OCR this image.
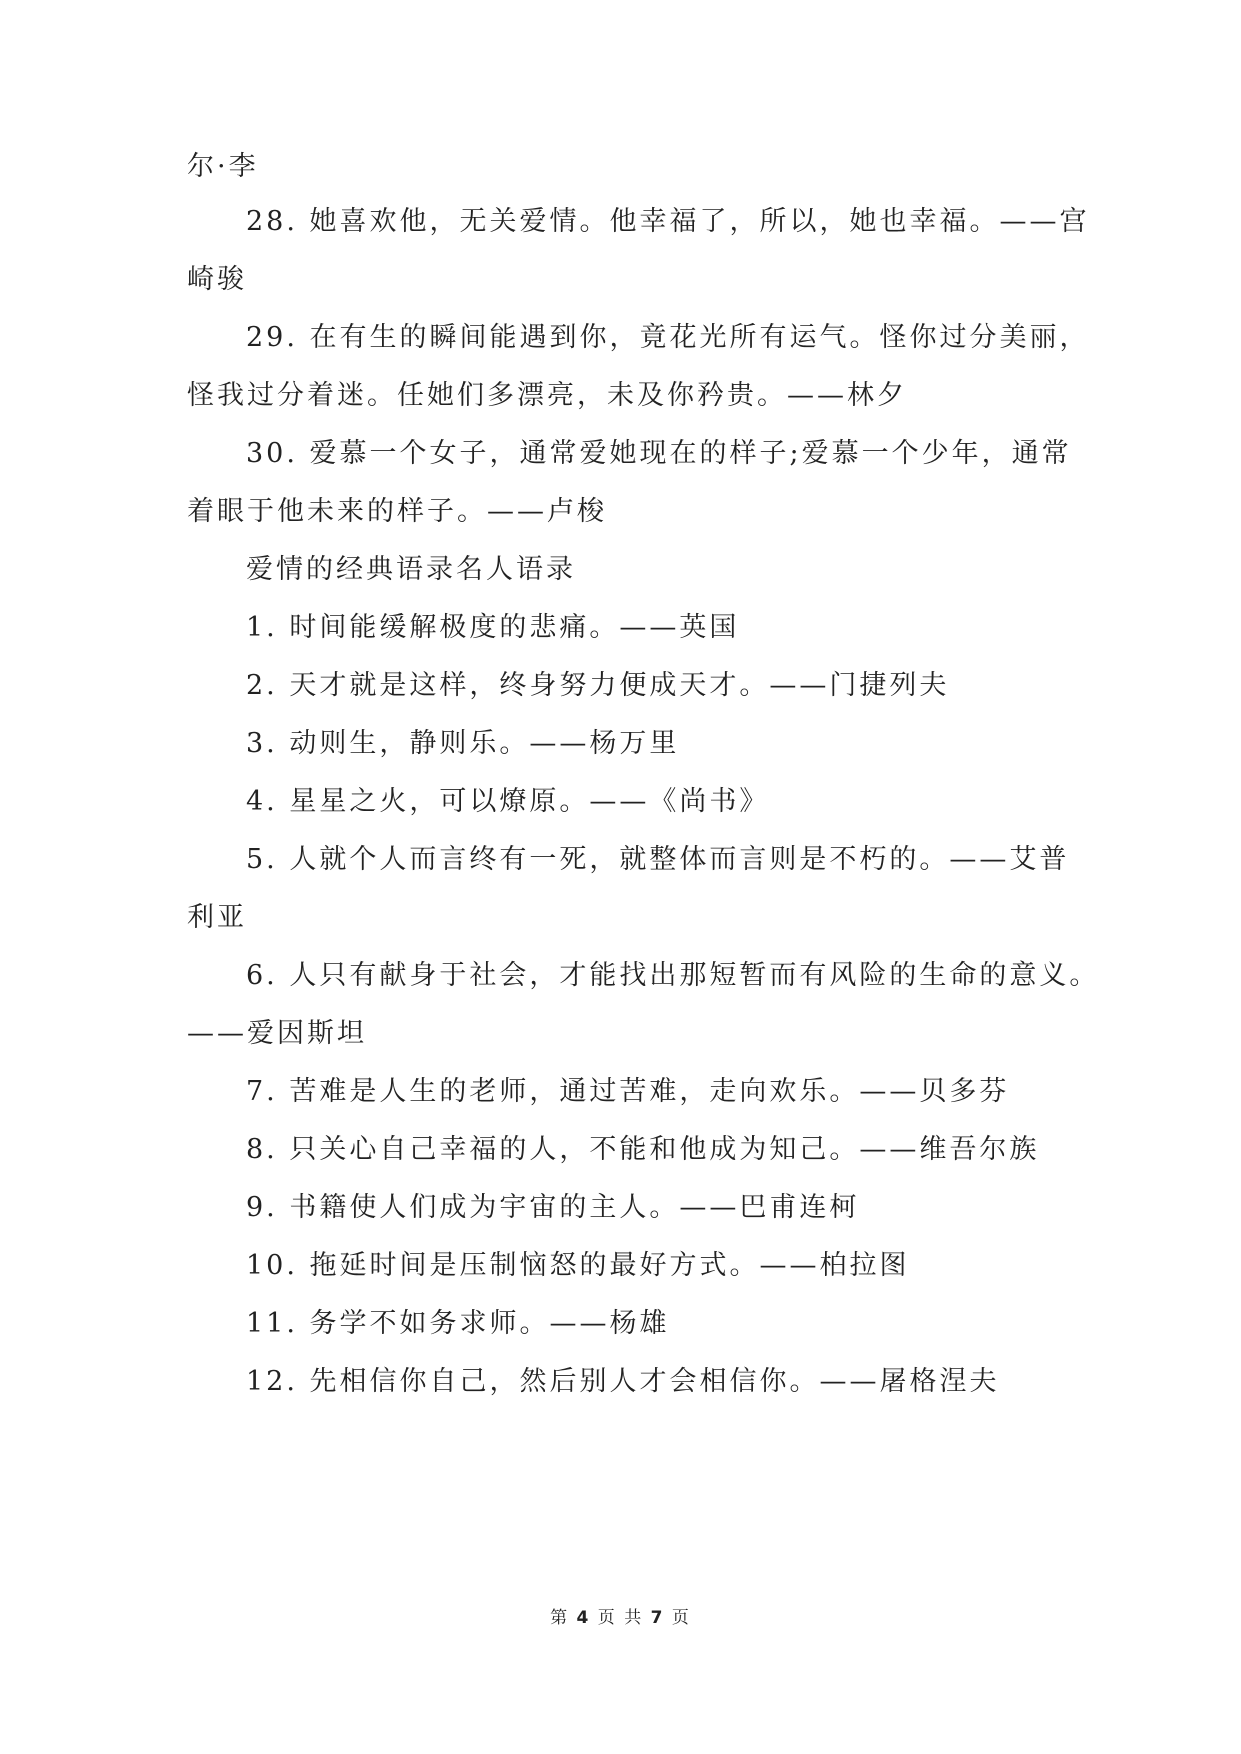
尔·李
28. 她喜欢他，无关爱情。他幸福了，所以，她也幸福。——宫
崎骏
29. 在有生的瞬间能遇到你，竟花光所有运气。怪你过分美丽，
怪我过分着迷。任她们多漂亮，未及你矜贵。——林夕
30. 爱慕一个女子，通常爱她现在的样子;爱慕一个少年，通常
着眼于他未来的样子。——卢梭
爱情的经典语录名人语录
1. 时间能缓解极度的悲痛。——英国
2. 天才就是这样，终身努力便成天才。——门捷列夫
3. 动则生，静则乐。——杨万里
4. 星星之火，可以燎原。——《尚书》
5. 人就个人而言终有一死，就整体而言则是不朽的。——艾普
利亚
6. 人只有献身于社会，才能找出那短暂而有风险的生命的意义。
——爱因斯坦
7. 苦难是人生的老师，通过苦难，走向欢乐。——贝多芬
8. 只关心自己幸福的人，不能和他成为知己。——维吾尔族
9. 书籍使人们成为宇宙的主人。——巴甫连柯
10. 拖延时间是压制恼怒的最好方式。——柏拉图
11. 务学不如务求师。——杨雄
12. 先相信你自己，然后别人才会相信你。——屠格涅夫
第 4 页 共 7 页
